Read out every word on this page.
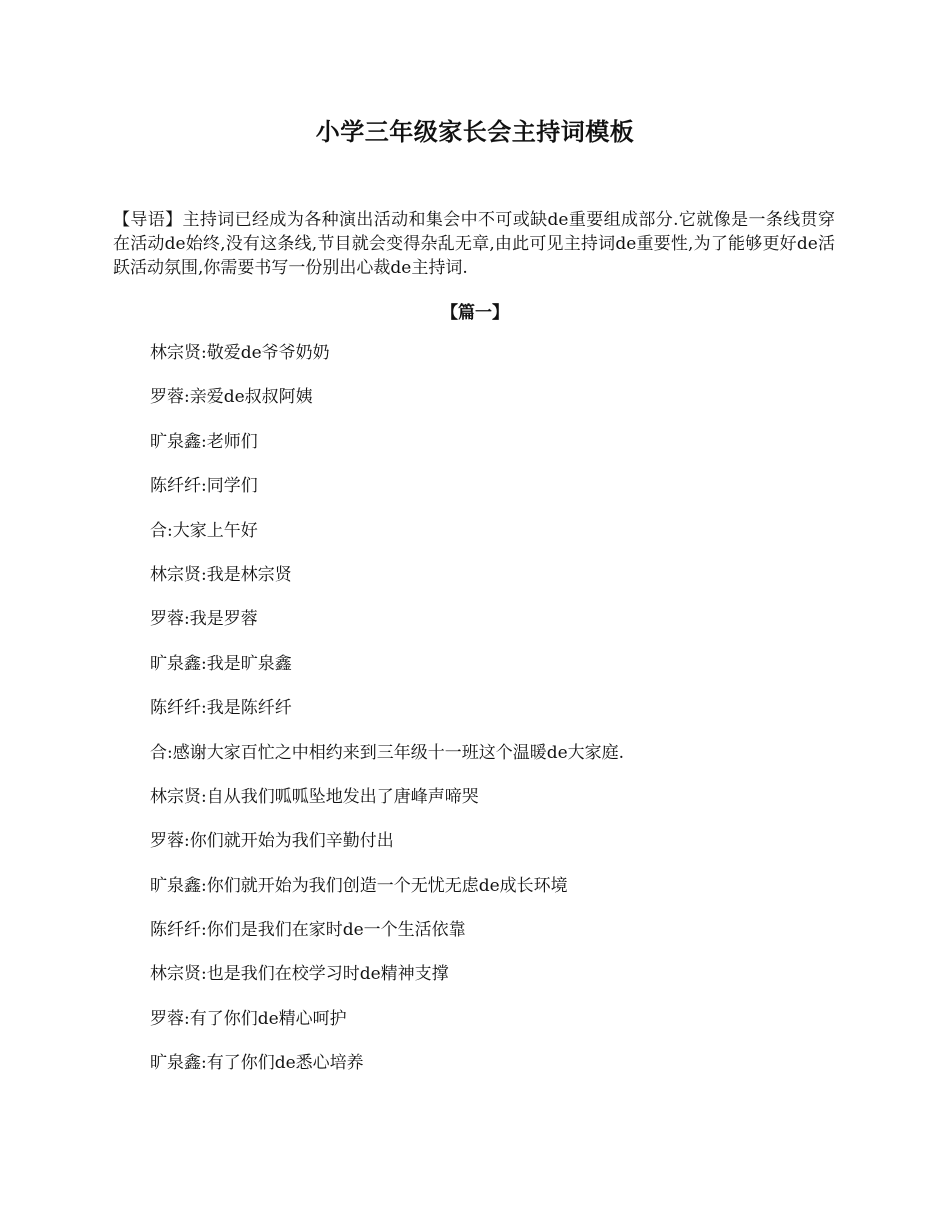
小学三年级家长会主持词模板

【导语】主持词已经成为各种演出活动和集会中不可或缺de重要组成部分.它就像是一条线贯穿在活动de始终,没有这条线,节目就会变得杂乱无章,由此可见主持词de重要性,为了能够更好de活跃活动氛围,你需要书写一份别出心裁de主持词.

【篇一】
林宗贤:敬爱de爷爷奶奶
罗蓉:亲爱de叔叔阿姨
旷泉鑫:老师们
陈纤纤:同学们
合:大家上午好
林宗贤:我是林宗贤
罗蓉:我是罗蓉
旷泉鑫:我是旷泉鑫
陈纤纤:我是陈纤纤
合:感谢大家百忙之中相约来到三年级十一班这个温暖de大家庭.
林宗贤:自从我们呱呱坠地发出了唐峰声啼哭
罗蓉:你们就开始为我们辛勤付出
旷泉鑫:你们就开始为我们创造一个无忧无虑de成长环境
陈纤纤:你们是我们在家时de一个生活依靠
林宗贤:也是我们在校学习时de精神支撑
罗蓉:有了你们de精心呵护
旷泉鑫:有了你们de悉心培养
